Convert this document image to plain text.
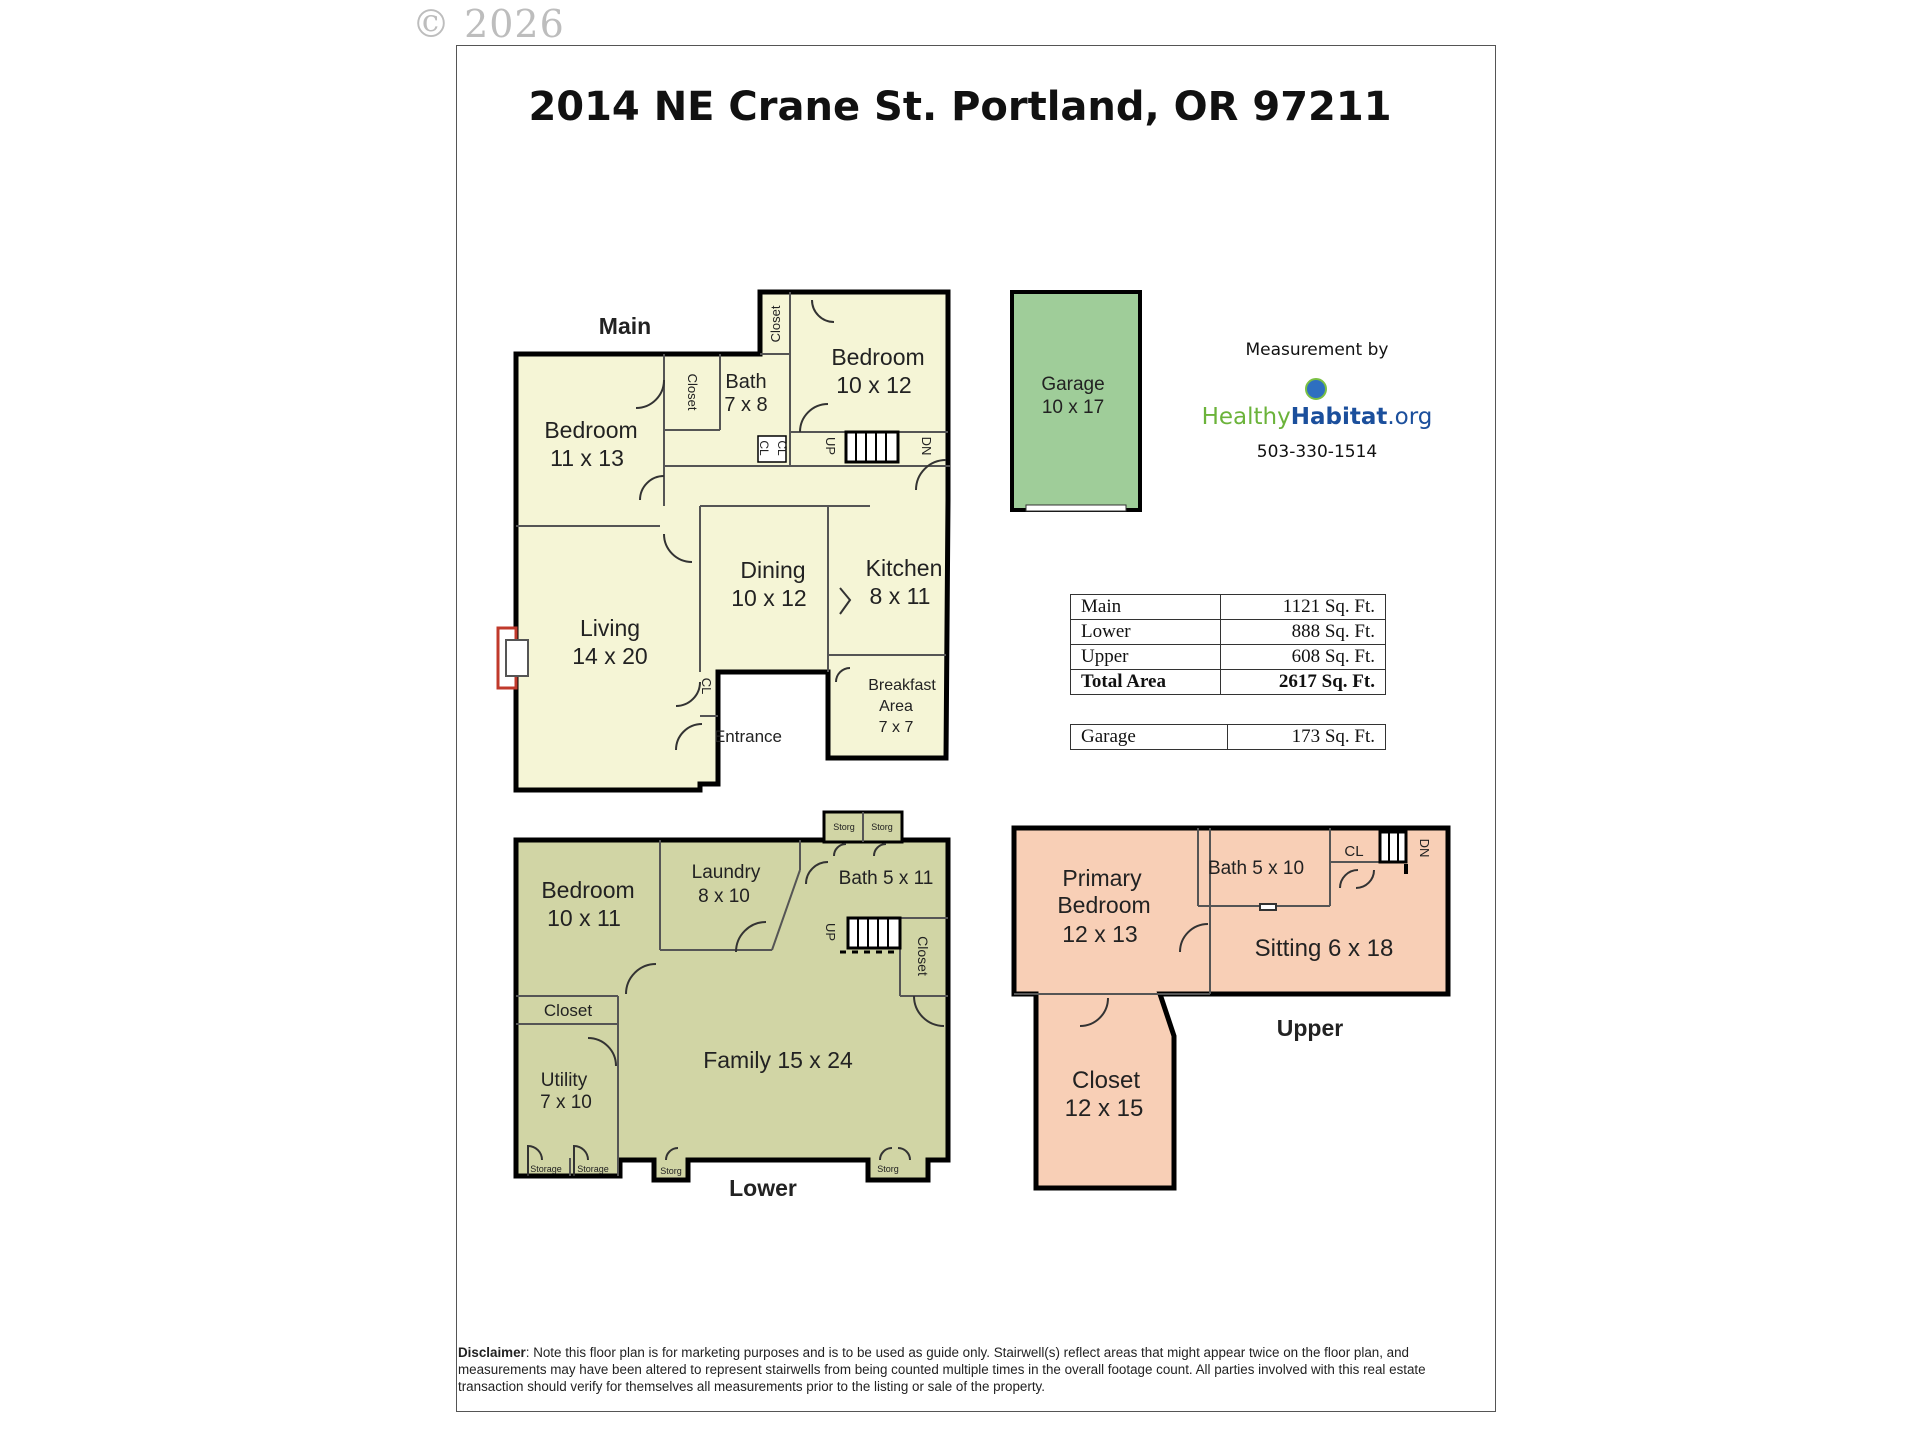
© 2026
2014 NE Crane St. Portland, OR 97211
Main
Bedroom
11 x 13
Bath
7 x 8
Bedroom
10 x 12
Dining
10 x 12
Kitchen
8 x 11
Living
14 x 20
Breakfast
Area
7 x 7
Entrance
Closet
Closet
CL CL
CL
UP	DN
Garage
10 x 17
Bedroom
10 x 11
Laundry
8 x 10
Bath 5 x 11
Family 15 x 24
Closet
Closet
Utility
7 x 10
Storage Storage	Storg	Storg
Storg Storg
UP
Lower
Primary
Bedroom
12 x 13
Bath 5 x 10
Sitting 6 x 18
Closet
12 x 15
CL	DN
Upper
Measurement by
HealthyHabitat.org
503-330-1514
Main	1121 Sq. Ft.
Lower	888 Sq. Ft.
Upper	608 Sq. Ft.
Total Area	2617 Sq. Ft.
Garage	173 Sq. Ft.
Disclaimer: Note this floor plan is for marketing purposes and is to be used as guide only. Stairwell(s) reflect areas that might appear twice on the floor plan, and measurements may have been altered to represent stairwells from being counted multiple times in the overall footage count. All parties involved with this real estate transaction should verify for themselves all measurements prior to the listing or sale of the property.
